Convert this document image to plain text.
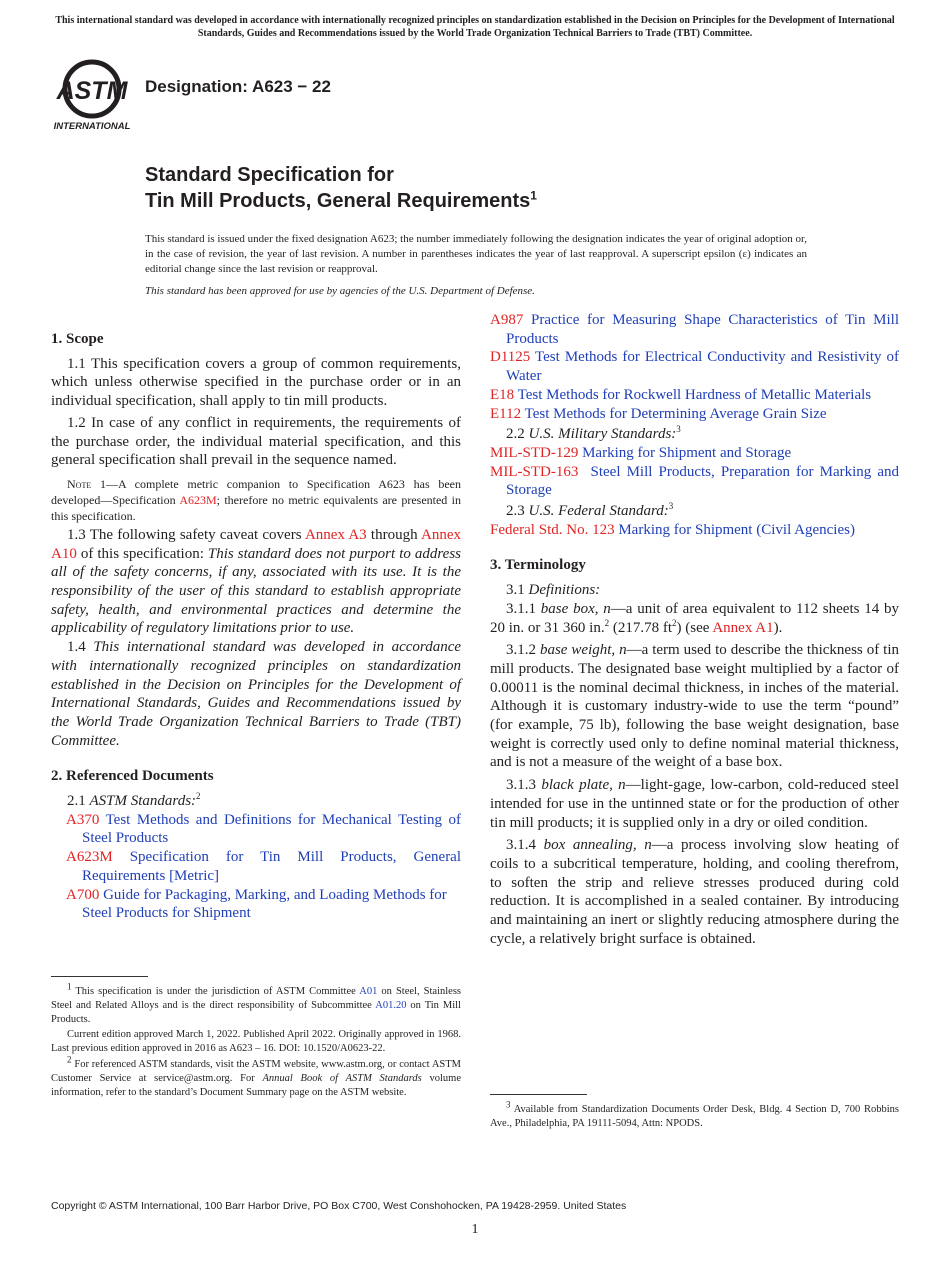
This international standard was developed in accordance with internationally recognized principles on standardization established in the Decision on Principles for the Development of International Standards, Guides and Recommendations issued by the World Trade Organization Technical Barriers to Trade (TBT) Committee.
ASTM
INTERNATIONAL
Designation: A623 − 22
Standard Specification for
Tin Mill Products, General Requirements$^1$
This standard is issued under the fixed designation A623; the number immediately following the designation indicates the year of original adoption or, in the case of revision, the year of last revision. A number in parentheses indicates the year of last reapproval. A superscript epsilon (ε) indicates an editorial change since the last revision or reapproval.
This standard has been approved for use by agencies of the U.S. Department of Defense.
1. Scope

1.1 This specification covers a group of common requirements, which unless otherwise specified in the purchase order or in an individual specification, shall apply to tin mill products.

1.2 In case of any conflict in requirements, the requirements of the purchase order, the individual material specification, and this general specification shall prevail in the sequence named.

Note 1—A complete metric companion to Specification A623 has been developed—Specification A623M; therefore no metric equivalents are presented in this specification.

1.3 The following safety caveat covers Annex A3 through Annex A10 of this specification: This standard does not purport to address all of the safety concerns, if any, associated with its use. It is the responsibility of the user of this standard to establish appropriate safety, health, and environmental practices and determine the applicability of regulatory limitations prior to use.

1.4 This international standard was developed in accordance with internationally recognized principles on standardization established in the Decision on Principles for the Development of International Standards, Guides and Recommendations issued by the World Trade Organization Technical Barriers to Trade (TBT) Committee.

2. Referenced Documents

2.1 ASTM Standards:$^2$

A370 Test Methods and Definitions for Mechanical Testing of Steel Products
A623M Specification for Tin Mill Products, General Requirements [Metric]
A700 Guide for Packaging, Marking, and Loading Methods for Steel Products for Shipment

$^1$ This specification is under the jurisdiction of ASTM Committee A01 on Steel, Stainless Steel and Related Alloys and is the direct responsibility of Subcommittee A01.20 on Tin Mill Products.

Current edition approved March 1, 2022. Published April 2022. Originally approved in 1968. Last previous edition approved in 2016 as A623 – 16. DOI: 10.1520/A0623-22.

$^2$ For referenced ASTM standards, visit the ASTM website, www.astm.org, or contact ASTM Customer Service at service@astm.org. For Annual Book of ASTM Standards volume information, refer to the standard’s Document Summary page on the ASTM website.

A987 Practice for Measuring Shape Characteristics of Tin Mill Products
D1125 Test Methods for Electrical Conductivity and Resistivity of Water
E18 Test Methods for Rockwell Hardness of Metallic Materials
E112 Test Methods for Determining Average Grain Size

2.2 U.S. Military Standards:$^3$

MIL-STD-129 Marking for Shipment and Storage
MIL-STD-163 Steel Mill Products, Preparation for Marking and Storage

2.3 U.S. Federal Standard:$^3$

Federal Std. No. 123 Marking for Shipment (Civil Agencies)
3. Terminology

3.1 Definitions:

3.1.1 base box, n—a unit of area equivalent to 112 sheets 14 by 20 in. or 31 360 in.$^2$ (217.78 $ft^2$) (see Annex A1).

3.1.2 base weight, n—a term used to describe the thickness of tin mill products. The designated base weight multiplied by a factor of 0.00011 is the nominal decimal thickness, in inches of the material. Although it is customary industry-wide to use the term “pound” (for example, 75 lb), following the base weight designation, base weight is correctly used only to define nominal material thickness, and is not a measure of the weight of a base box.

3.1.3 black plate, n—light-gage, low-carbon, cold-reduced steel intended for use in the untinned state or for the production of other tin mill products; it is supplied only in a dry or oiled condition.

3.1.4 box annealing, n—a process involving slow heating of coils to a subcritical temperature, holding, and cooling therefrom, to soften the strip and relieve stresses produced during cold reduction. It is accomplished in a sealed container. By introducing and maintaining an inert or slightly reducing atmosphere during the cycle, a relatively bright surface is obtained.

$^3$ Available from Standardization Documents Order Desk, Bldg. 4 Section D, 700 Robbins Ave., Philadelphia, PA 19111-5094, Attn: NPODS.

Copyright © ASTM International, 100 Barr Harbor Drive, PO Box C700, West Conshohocken, PA 19428-2959. United States
1
